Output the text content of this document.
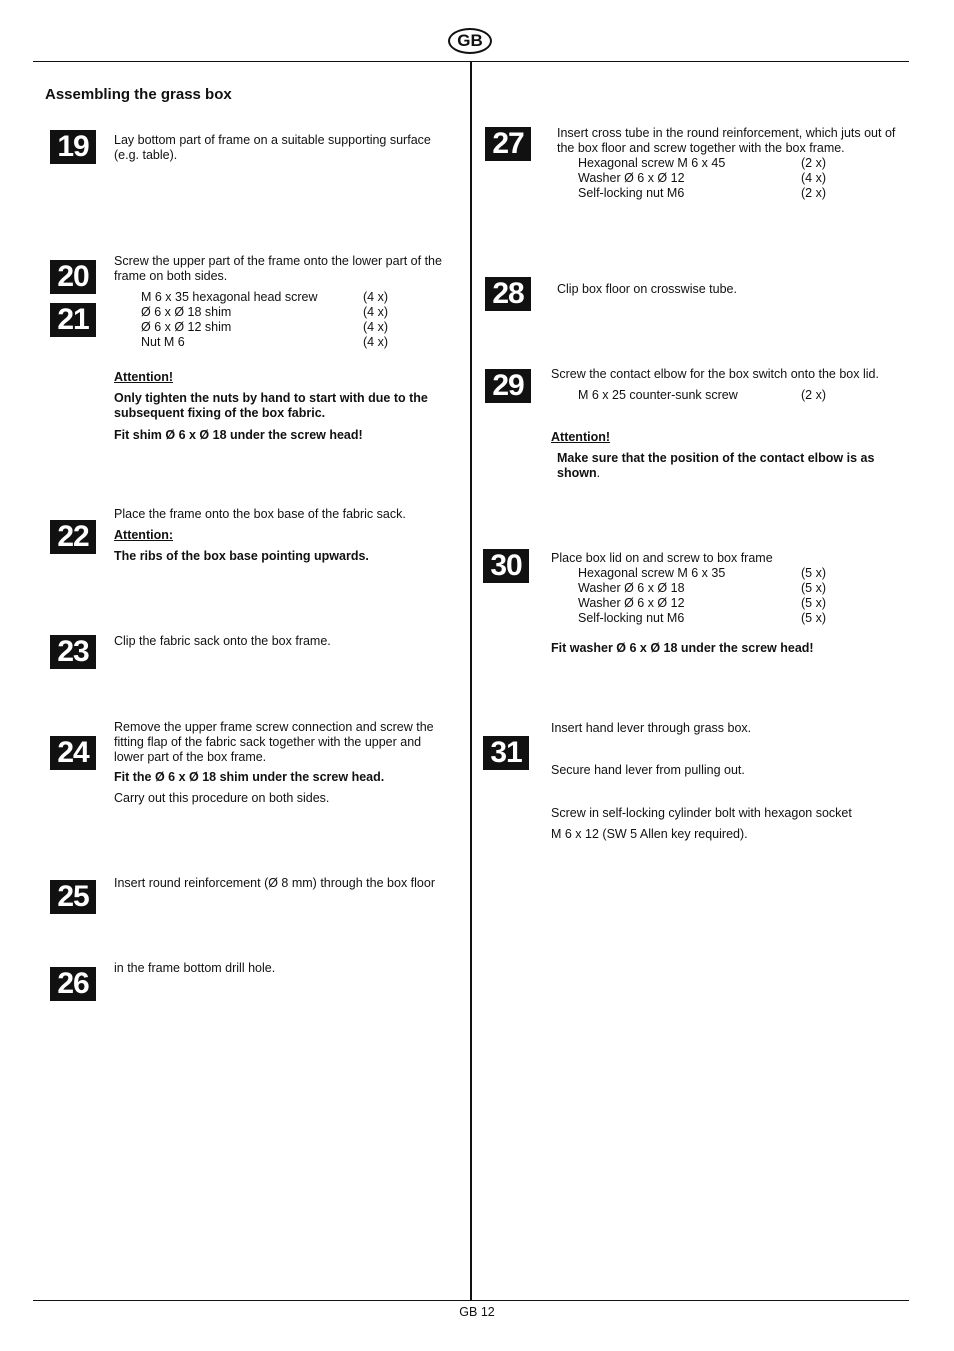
GB
Assembling the grass box
19	Lay bottom part of frame on a suitable supporting surface (e.g. table).
20
21
Screw the upper part of the frame onto the lower part of the frame on both sides.
M 6 x 35 hexagonal head screw	(4 x)
Ø 6 x Ø 18 shim	(4 x)
Ø 6 x Ø 12 shim	(4 x)
Nut M 6	(4 x)
Attention!
Only tighten the nuts by hand to start with due to the subsequent fixing of the box fabric.
Fit shim Ø 6 x Ø 18 under the screw head!
Place the frame onto the box base of the fabric sack.
22	Attention:
The ribs of the box base pointing upwards.
23	Clip the fabric sack onto the box frame.
Remove the upper frame screw connection and screw the fitting flap of the fabric sack together with the upper and lower part of the box frame.
24
Fit the Ø 6 x Ø 18 shim under the screw head.
Carry out this procedure on both sides.
25	Insert round reinforcement (Ø 8 mm) through the box floor
26	in the frame bottom drill hole.
27	Insert cross tube in the round reinforcement, which juts out of the box floor and screw together with the box frame.
Hexagonal screw M 6 x 45	(2 x)
Washer Ø 6 x Ø 12	(4 x)
Self-locking nut M6	(2 x)
28	Clip box floor on crosswise tube.
29	Screw the contact elbow for the box switch onto the box lid.
M 6 x 25 counter-sunk screw	(2 x)
Attention!
Make sure that the position of the contact elbow is as shown.
30	Place box lid on and screw to box frame
Hexagonal screw M 6 x 35	(5 x)
Washer Ø 6 x Ø 18	(5 x)
Washer Ø 6 x Ø 12	(5 x)
Self-locking nut M6	(5 x)
Fit washer Ø 6 x Ø 18 under the screw head!
Insert hand lever through grass box.
31
Secure hand lever from pulling out.
Screw in self-locking cylinder bolt with hexagon socket
M 6 x 12 (SW 5 Allen key required).
GB 12
